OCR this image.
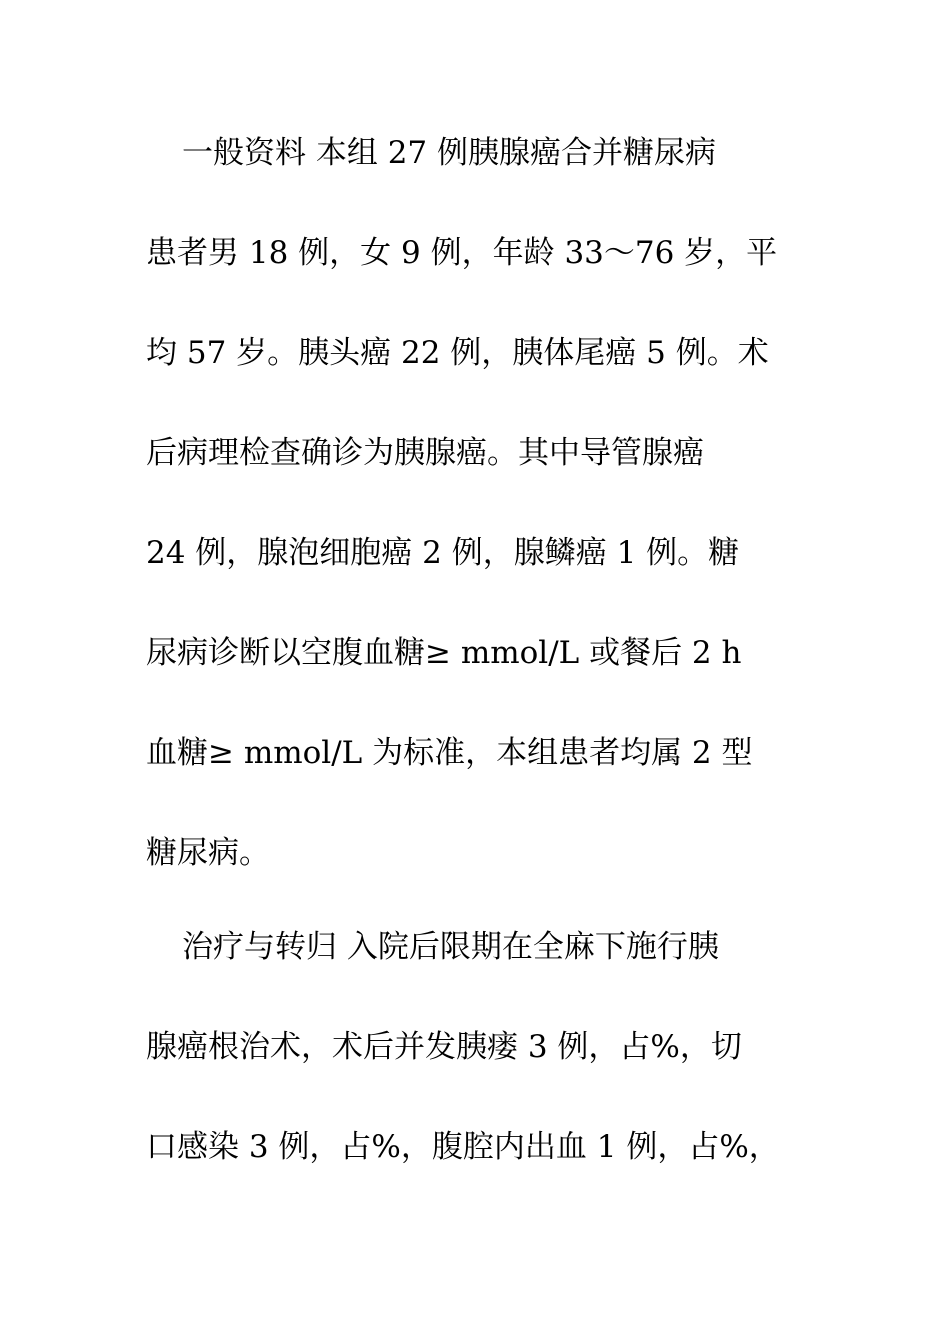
一般资料 本组 27 例胰腺癌合并糖尿病
患者男 18 例，女 9 例，年龄 33～76 岁，平
均 57 岁。胰头癌 22 例，胰体尾癌 5 例。术
后病理检查确诊为胰腺癌。其中导管腺癌
24 例，腺泡细胞癌 2 例，腺鳞癌 1 例。糖
尿病诊断以空腹血糖≥ mmol/L 或餐后 2 h
血糖≥ mmol/L 为标准，本组患者均属 2 型
糖尿病。
治疗与转归 入院后限期在全麻下施行胰
腺癌根治术，术后并发胰瘘 3 例，占%，切
口感染 3 例，占%，腹腔内出血 1 例，占%，
